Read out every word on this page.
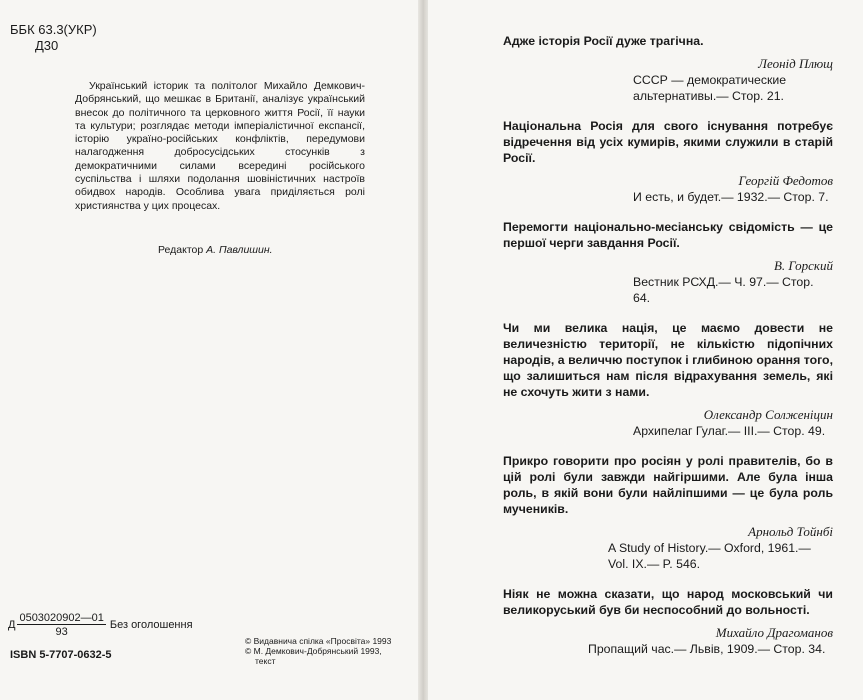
ББК 63.3(УКР)
Д30
Український історик та політолог Михайло Демкович-Добрянський, що мешкає в Британії, аналізує український внесок до політичного та церковного життя Росії, її науки та культури; розглядає методи імперіалістичної експансії, історію україно-російських конфліктів, передумови налагодження добросусідських стосунків з демократичними силами всередині російського суспільства і шляхи подолання шовіністичних настроїв обидвох народів. Особлива увага приділяється ролі християнства у цих процесах.
Редактор А. Павлишин.
Д $\frac{0503020902—01}{93}$ Без оголошення
ISBN 5-7707-0632-5
© Видавнича спілка «Просвіта» 1993
© М. Демкович-Добрянський 1993,
текст
Адже історія Росії дуже трагічна.
Леонід Плющ
СССР — демократические альтернативы.— Стор. 21.
Національна Росія для свого існування потребує відречення від усіх кумирів, якими служили в старій Росії.
Георгій Федотов
И есть, и будет.— 1932.— Стор. 7.
Перемогти національно-месіанську свідомість — це першої черги завдання Росії.
В. Горский
Вестник РСХД.— Ч. 97.— Стор. 64.
Чи ми велика нація, це маємо довести не величезністю території, не кількістю підопічних народів, а величчю поступок і глибиною орання того, що залишиться нам після відрахування земель, які не схочуть жити з нами.
Олександр Солженіцин
Архипелаг Гулаг.— III.— Стор. 49.
Прикро говорити про росіян у ролі правителів, бо в цій ролі були завжди найгіршими. Але була інша роль, в якій вони були найліпшими — це була роль мучеників.
Арнольд Тойнбі
A Study of History.— Oxford, 1961.— Vol. IX.— P. 546.
Ніяк не можна сказати, що народ московський чи великоруський був би неспособний до вольності.
Михайло Драгоманов
Пропащий час.— Львів, 1909.— Стор. 34.
